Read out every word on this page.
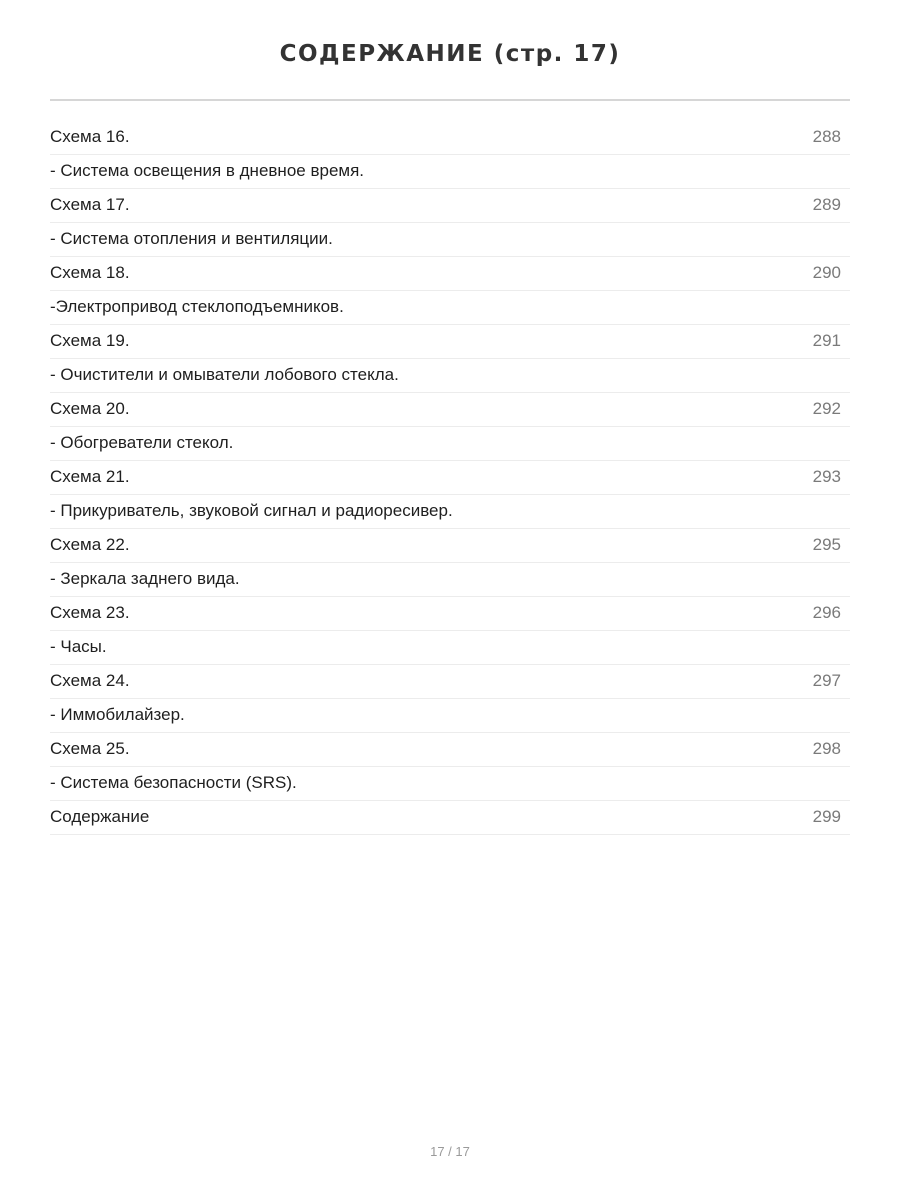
СОДЕРЖАНИЕ (стр. 17)
Схема 16.	288
- Система освещения в дневное время.
Схема 17.	289
- Система отопления и вентиляции.
Схема 18.	290
-Электропривод стеклоподъемников.
Схема 19.	291
- Очистители и омыватели лобового стекла.
Схема 20.	292
- Обогреватели стекол.
Схема 21.	293
- Прикуриватель, звуковой сигнал и радиоресивер.
Схема 22.	295
- Зеркала заднего вида.
Схема 23.	296
- Часы.
Схема 24.	297
- Иммобилайзер.
Схема 25.	298
- Система безопасности (SRS).
Содержание	299
17 / 17
